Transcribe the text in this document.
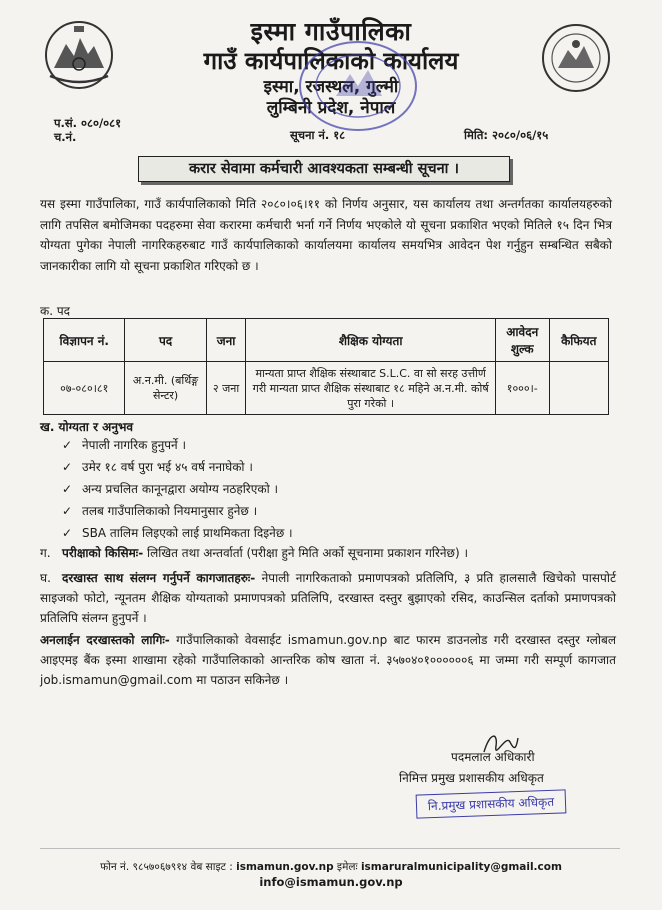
इस्मा गाउँपालिका
गाउँ कार्यपालिकाको कार्यालय
इस्मा, रजस्थल, गुल्मी
लुम्बिनी प्रदेश, नेपाल
प.सं. ०८०/०८१
च.नं.	सूचना नं. १८	मिति: २०८०/०६/१५
करार सेवामा कर्मचारी आवश्यकता सम्बन्धी सूचना ।
यस इस्मा गाउँपालिका, गाउँ कार्यपालिकाको मिति २०८०।०६।११ को निर्णय अनुसार, यस कार्यालय तथा अन्तर्गतका कार्यालयहरुको लागि तपसिल बमोजिमका पदहरुमा सेवा करारमा कर्मचारी भर्ना गर्ने निर्णय भएकोले यो सूचना प्रकाशित भएको मितिले १५ दिन भित्र योग्यता पुगेका नेपाली नागरिकहरुबाट गाउँ कार्यपालिकाको कार्यालयमा कार्यालय समयभित्र आवेदन पेश गर्नुहुन सम्बन्धित सबैको जानकारीका लागि यो सूचना प्रकाशित गरिएको छ ।
क. पद
विज्ञापन नं.	पद	जना	शैक्षिक योग्यता	आवेदन शुल्क	कैफियत
०७-०८०।८१	अ.न.मी. (बर्थिङ्ग सेन्टर)	२ जना	मान्यता प्राप्त शैक्षिक संस्थाबाट S.L.C. वा सो सरह उत्तीर्ण गरी मान्यता प्राप्त शैक्षिक संस्थाबाट १८ महिने अ.न.मी. कोर्ष पुरा गरेको ।	१०००।-	
ख. योग्यता र अनुभव
✓ नेपाली नागरिक हुनुपर्ने ।
✓ उमेर १८ वर्ष पुरा भई ४५ वर्ष ननाघेको ।
✓ अन्य प्रचलित कानूनद्वारा अयोग्य नठहरिएको ।
✓ तलब गाउँपालिकाको नियमानुसार हुनेछ ।
✓ SBA तालिम लिइएको लाई प्राथमिकता दिइनेछ ।
ग. परीक्षाको किसिमः- लिखित तथा अन्तर्वार्ता (परीक्षा हुने मिति अर्को सूचनामा प्रकाशन गरिनेछ) ।
घ. दरखास्त साथ संलग्न गर्नुपर्ने कागजातहरुः- नेपाली नागरिकताको प्रमाणपत्रको प्रतिलिपि, ३ प्रति हालसालै खिचेको पासपोर्ट साइजको फोटो, न्यूनतम शैक्षिक योग्यताको प्रमाणपत्रको प्रतिलिपि, दरखास्त दस्तुर बुझाएको रसिद, काउन्सिल दर्ताको प्रमाणपत्रको प्रतिलिपि संलग्न हुनुपर्ने ।
अनलाईन दरखास्तको लागिः- गाउँपालिकाको वेवसाईट ismamun.gov.np बाट फारम डाउनलोड गरी दरखास्त दस्तुर ग्लोबल आइएमइ बैंक इस्मा शाखामा रहेको गाउँपालिकाको आन्तरिक कोष खाता नं. ३५७०४०१००००००६ मा जम्मा गरी सम्पूर्ण कागजात job.ismamun@gmail.com मा पठाउन सकिनेछ ।
पदमलाल अधिकारी
निमित्त प्रमुख प्रशासकीय अधिकृत
नि.प्रमुख प्रशासकीय अधिकृत
फोन नं. ९८५७०६७९१४ वेब साइट : ismamun.gov.np इमेलः ismaruralmunicipality@gmail.com
info@ismamun.gov.np
